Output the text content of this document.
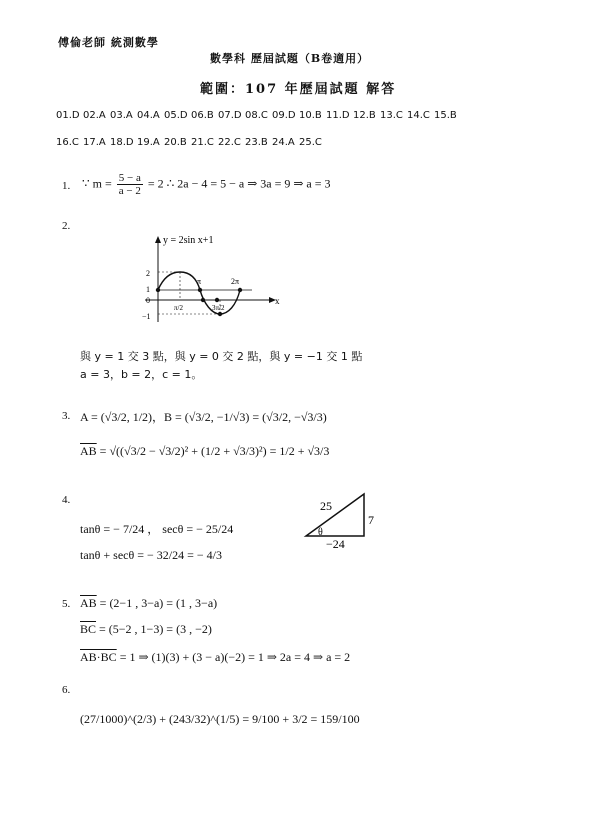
傅倫老師 統測數學
數學科 歷屆試題（B卷適用）
範圍：107 年歷屆試題 解答
01.D 02.A 03.A 04.A 05.D 06.B 07.D 08.C 09.D 10.B 11.D 12.B 13.C 14.C 15.B
16.C 17.A 18.D 19.A 20.B 21.C 22.C 23.B 24.A 25.C
1. ∵ $m = \frac{5 - a}{a - 2} = 2$ ∴ 2a − 4 = 5 − a ⇒ 3a = 9 ⇒ a = 3
2.
y = 2sin x+1
x
2
1
0
−1
π	2π
π/2	3π/2
與 y = 1 交 3 點，與 y = 0 交 2 點，與 y = −1 交 1 點
a = 3，b = 2，c = 1。
3. A = (√3/2, 1/2)，B = (√3/2, −1/√3) = (√3/2, −√3/3)
$\overline{AB} = √((√3/2 - √3/2)^2 + (1/2 + √3/3)^2) = 1/2 + √3/3$
4.
tanθ = − 7/24 ， secθ = − 25/24
tanθ + secθ = − 32/24 = − 4/3
25
7
−24
θ
5. $\overline{AB} = (2-1$ , 3−a) = (1 , 3−a)
$\overline{BC} = (5-2$ , 1−3) = (3 , −2)
AB·BC = 1 ⇒ (1)(3) + (3 − a)(−2) = 1 ⇒ 2a = 4 ⇒ a = 2
6.
(27/1000)^(2/3) + (243/32)^(1/5) = 9/100 + 3/2 = 159/100
